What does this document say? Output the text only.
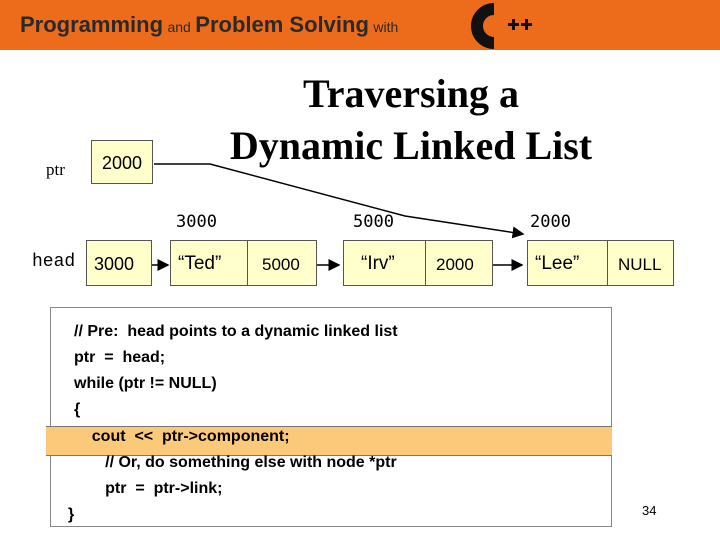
Programming and Problem Solving with
Traversing a
Dynamic Linked List
ptr 2000
head 3000
3000	5000	2000
“Ted” 5000	“Irv” 2000	“Lee” NULL
// Pre:  head points to a dynamic linked list
ptr  =  head;
while (ptr != NULL)
{
cout  <<  ptr->component;
// Or, do something else with node *ptr
ptr  =  ptr->link;
}	34
